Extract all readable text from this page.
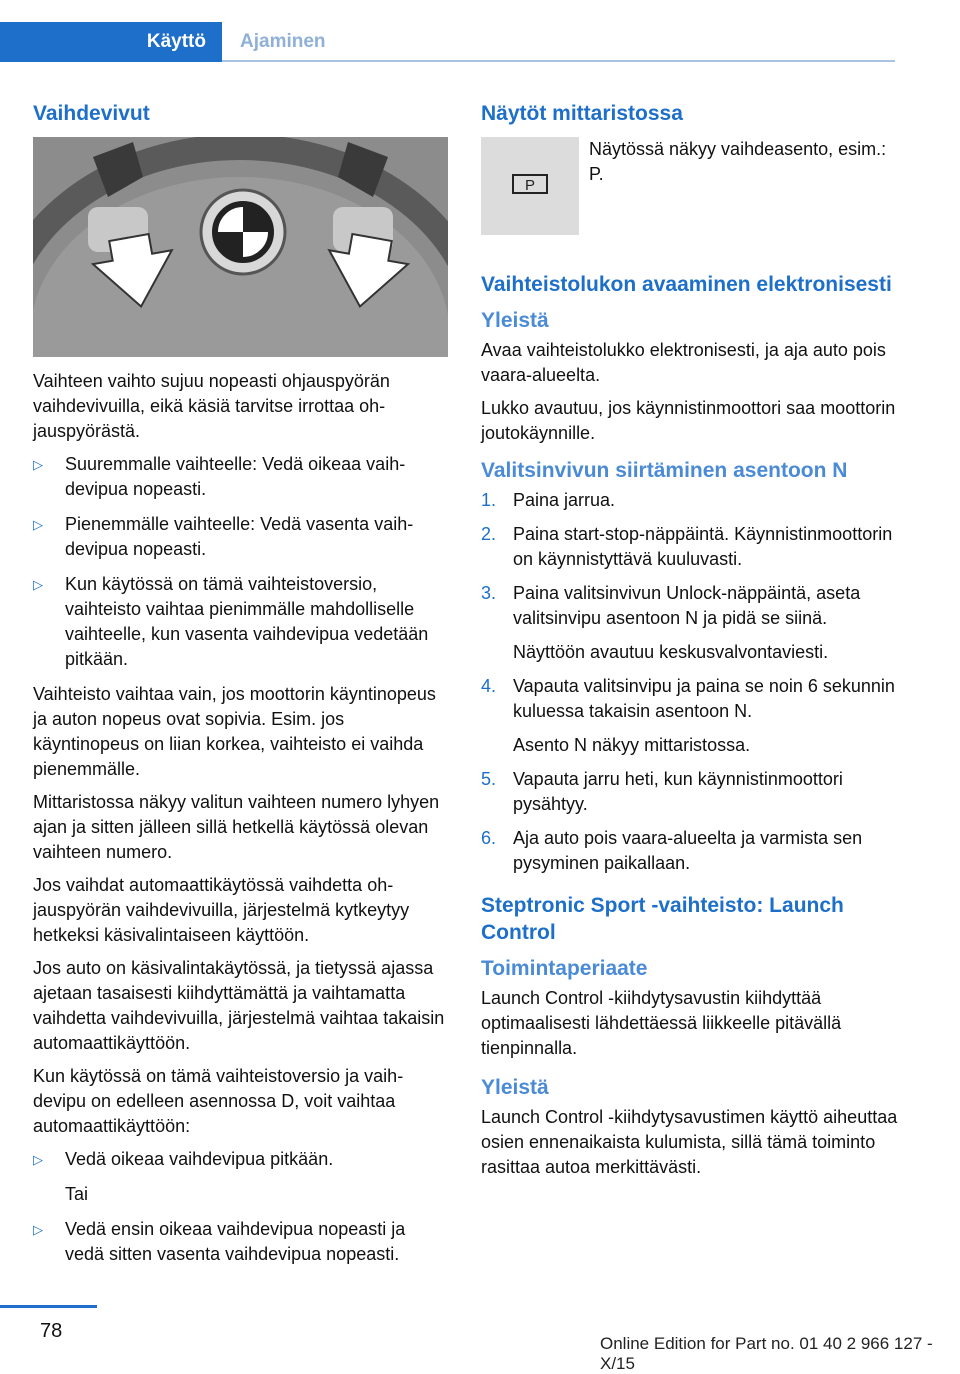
Käyttö	Ajaminen
Vaihdevivut

Vaihteen vaihto sujuu nopeasti ohjauspyörän vaihdevivuilla, eikä käsiä tarvitse irrottaa ohjauspyörästä.

▷ Suuremmalle vaihteelle: Vedä oikeaa vaihdevipua nopeasti.
▷ Pienemmälle vaihteelle: Vedä vasenta vaihdevipua nopeasti.
▷ Kun käytössä on tämä vaihteistoversio, vaihteisto vaihtaa pienimmälle mahdolliselle vaihteelle, kun vasenta vaihdevipua vedetään pitkään.

Vaihteisto vaihtaa vain, jos moottorin käyntinopeus ja auton nopeus ovat sopivia. Esim. jos käyntinopeus on liian korkea, vaihteisto ei vaihda pienemmälle.

Mittaristossa näkyy valitun vaihteen numero lyhyen ajan ja sitten jälleen sillä hetkellä käytössä olevan vaihteen numero.

Jos vaihdat automaattikäytössä vaihdetta ohjauspyörän vaihdevivuilla, järjestelmä kytkeytyy hetkeksi käsivalintaiseen käyttöön.

Jos auto on käsivalintakäytössä, ja tietyssä ajassa ajetaan tasaisesti kiihdyttämättä ja vaihtamatta vaihdetta vaihdevivuilla, järjestelmä vaihtaa takaisin automaattikäyttöön.

Kun käytössä on tämä vaihteistoversio ja vaihdevipu on edelleen asennossa D, voit vaihtaa automaattikäyttöön:

▷ Vedä oikeaa vaihdevipua pitkään.

Tai

▷ Vedä ensin oikeaa vaihdevipua nopeasti ja vedä sitten vasenta vaihdevipua nopeasti.
Näytöt mittaristossa
P

Näytössä näkyy vaihdeasento, esim.: P.

Vaihteistolukon avaaminen elektronisesti
Yleistä

Avaa vaihteistolukko elektronisesti, ja aja auto pois vaara-alueelta.

Lukko avautuu, jos käynnistinmoottori saa moottorin joutokäynnille.

Valitsinvivun siirtäminen asentoon N
1. Paina jarrua.
2. Paina start-stop-näppäintä. Käynnistinmoottorin on käynnistyttävä kuuluvasti.
3. Paina valitsinvivun Unlock-näppäintä, aseta valitsinvipu asentoon N ja pidä se siinä.
Näyttöön avautuu keskusvalvontaviesti.
4. Vapauta valitsinvipu ja paina se noin 6 sekunnin kuluessa takaisin asentoon N.
Asento N näkyy mittaristossa.
5. Vapauta jarru heti, kun käynnistinmoottori pysähtyy.
6. Aja auto pois vaara-alueelta ja varmista sen pysyminen paikallaan.
Steptronic Sport -vaihteisto: Launch Control
Toimintaperiaate

Launch Control -kiihdytysavustin kiihdyttää optimaalisesti lähdettäessä liikkeelle pitävällä tienpinnalla.

Yleistä

Launch Control -kiihdytysavustimen käyttö aiheuttaa osien ennenaikaista kulumista, sillä tämä toiminto rasittaa autoa merkittävästi.

78
Online Edition for Part no. 01 40 2 966 127 - X/15
